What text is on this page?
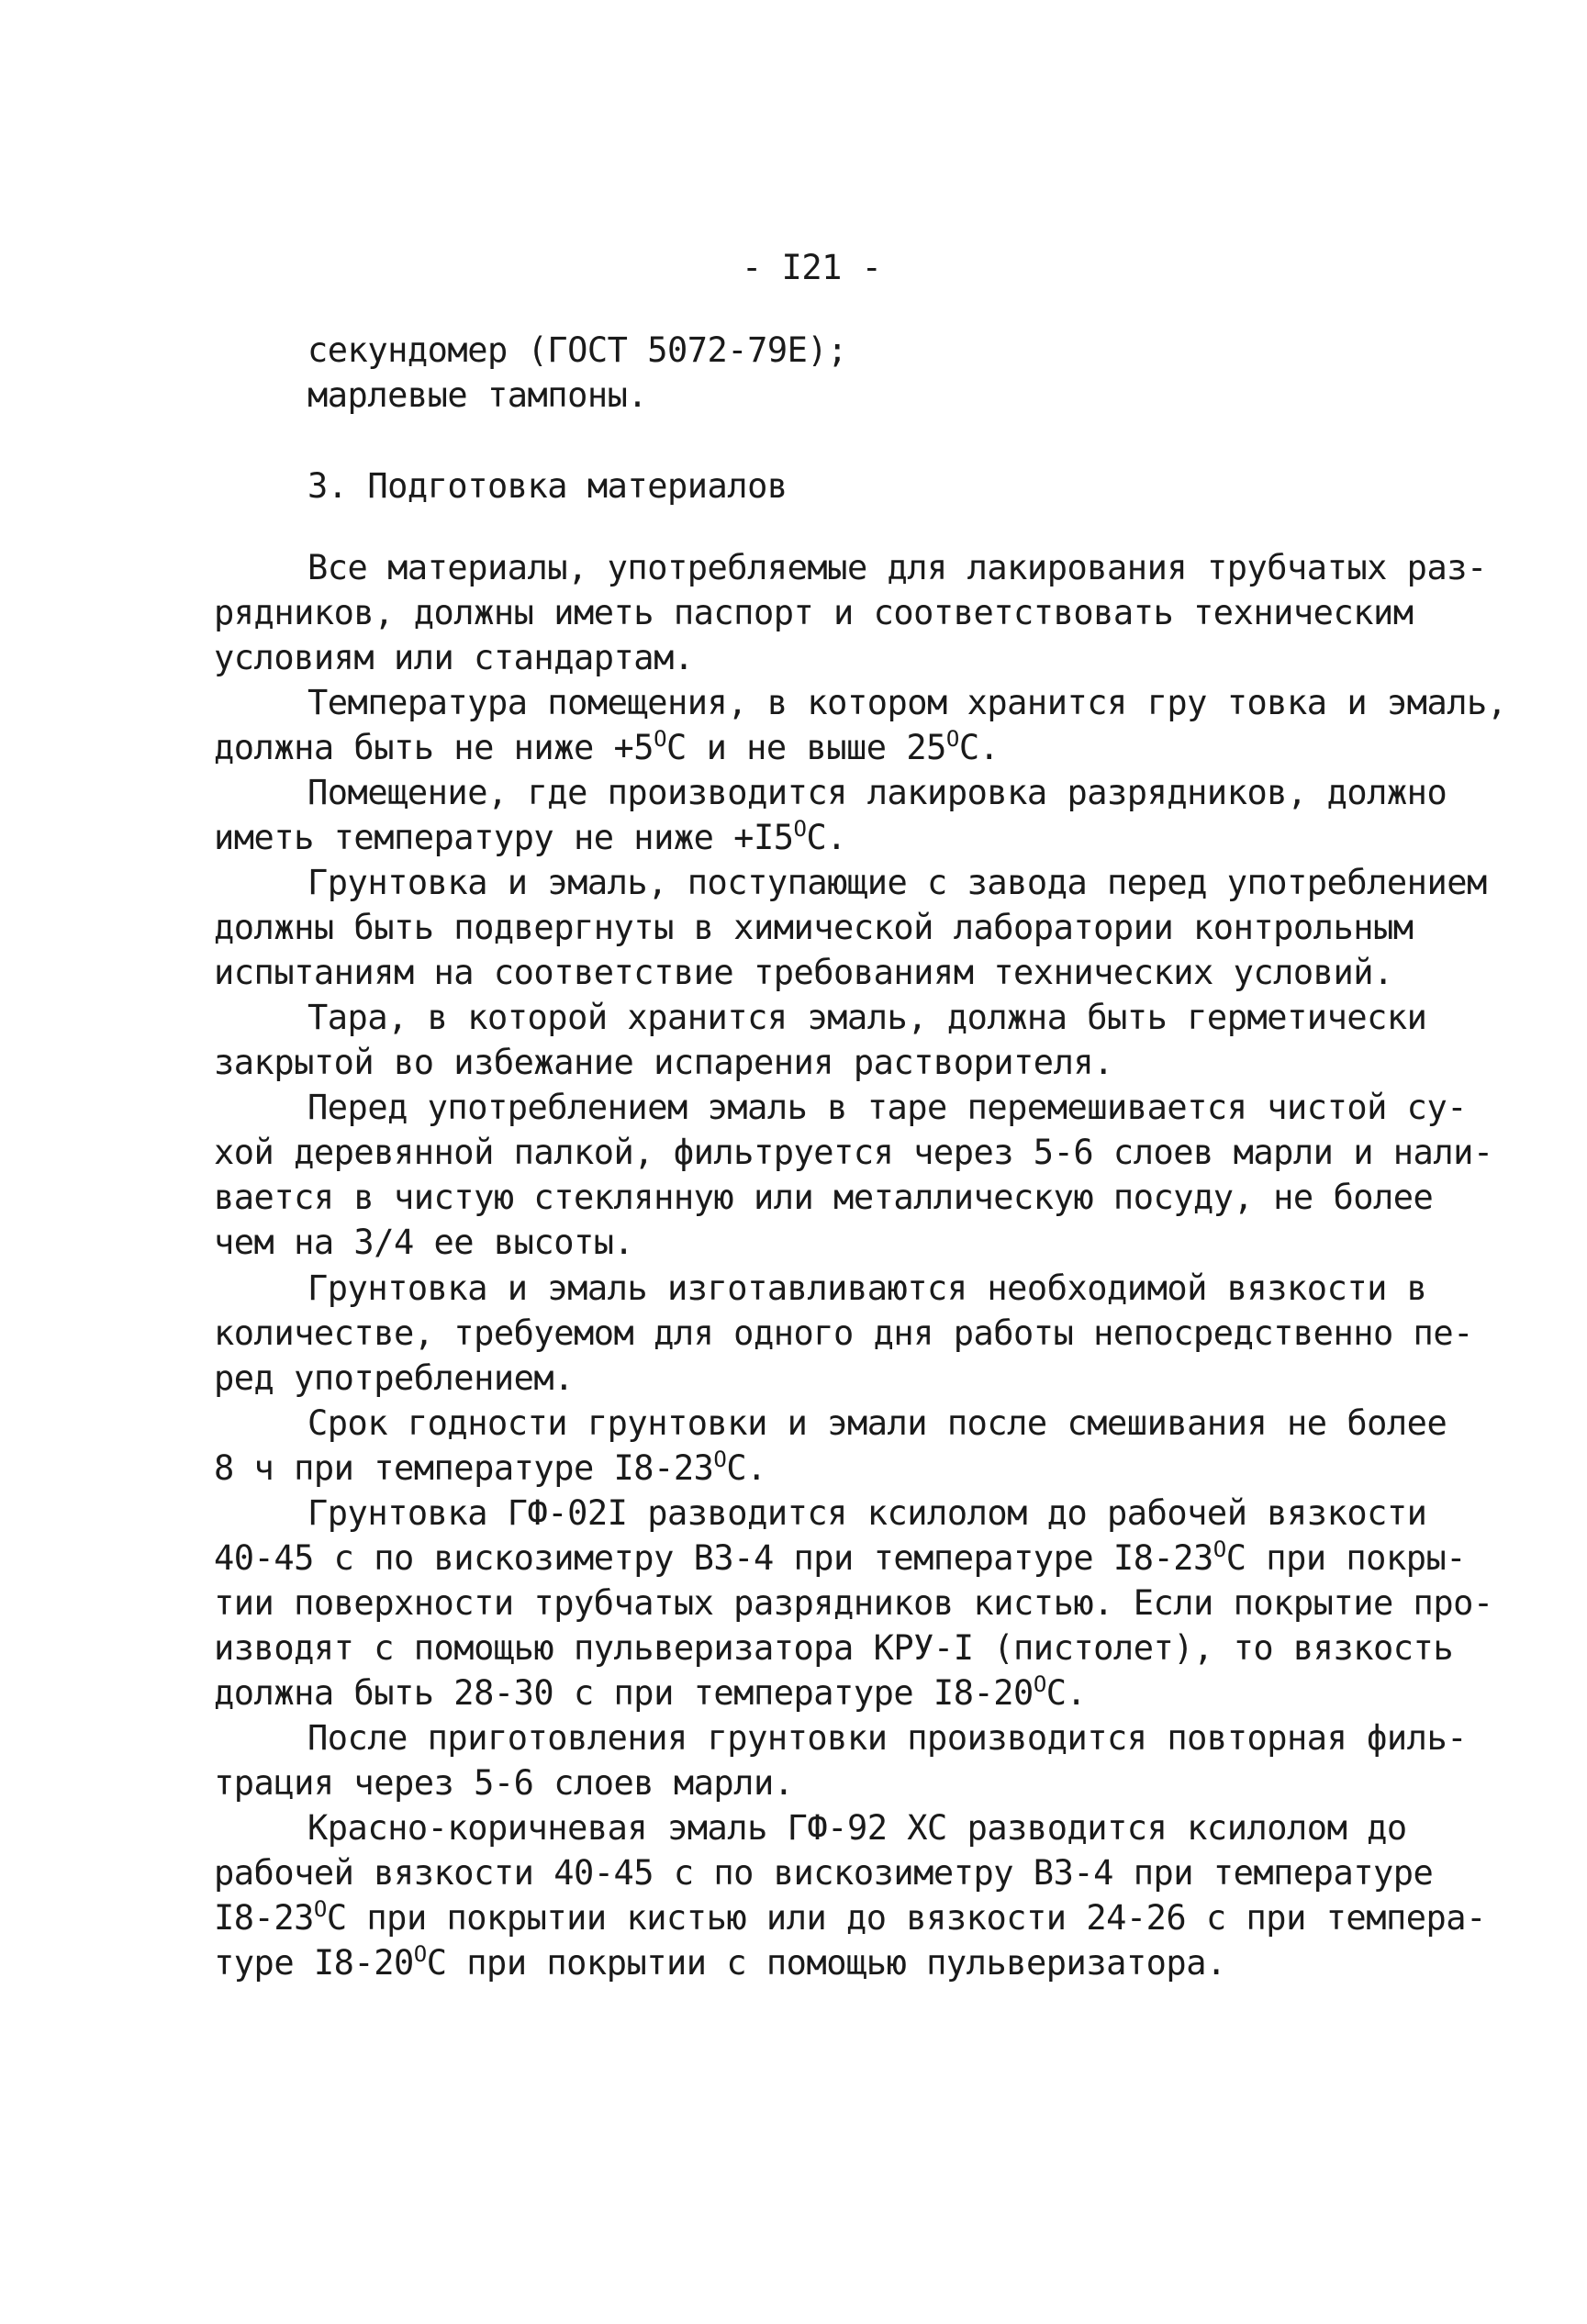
- I21 -
секундомер (ГОСТ 5072-79Е);
марлевые тампоны.
3. Подготовка материалов
Все материалы, употребляемые для лакирования трубчатых раз-
рядников, должны иметь паспорт и соответствовать техническим
условиям или стандартам.
Температура помещения, в котором хранится гру товка и эмаль,
должна быть не ниже $+5^OС$ и не выше $25^OС$.
Помещение, где производится лакировка разрядников, должно
иметь температуру не ниже $+I5^OС$.
Грунтовка и эмаль, поступающие с завода перед употреблением
должны быть подвергнуты в химической лаборатории контрольным
испытаниям на соответствие требованиям технических условий.
Тара, в которой хранится эмаль, должна быть герметически
закрытой во избежание испарения растворителя.
Перед употреблением эмаль в таре перемешивается чистой су-
хой деревянной палкой, фильтруется через 5-6 слоев марли и нали-
вается в чистую стеклянную или металлическую посуду, не более
чем на 3/4 ее высоты.
Грунтовка и эмаль изготавливаются необходимой вязкости в
количестве, требуемом для одного дня работы непосредственно пе-
ред употреблением.
Срок годности грунтовки и эмали после смешивания не более
8 ч при температуре $I8-23^OС$.
Грунтовка ГФ-02I разводится ксилолом до рабочей вязкости
40-45 с по вискозиметру ВЗ-4 при температуре $I8-23^OС$ при покры-
тии поверхности трубчатых разрядников кистью. Если покрытие про-
изводят с помощью пульверизатора КРУ-I (пистолет), то вязкость
должна быть 28-30 с при температуре $I8-20^OС$.
После приготовления грунтовки производится повторная филь-
трация через 5-6 слоев марли.
Красно-коричневая эмаль ГФ-92 ХС разводится ксилолом до
рабочей вязкости 40-45 с по вискозиметру ВЗ-4 при температуре
$I8-23^OС$ при покрытии кистью или до вязкости 24-26 с при темпера-
туре $I8-20^OС$ при покрытии с помощью пульверизатора.
